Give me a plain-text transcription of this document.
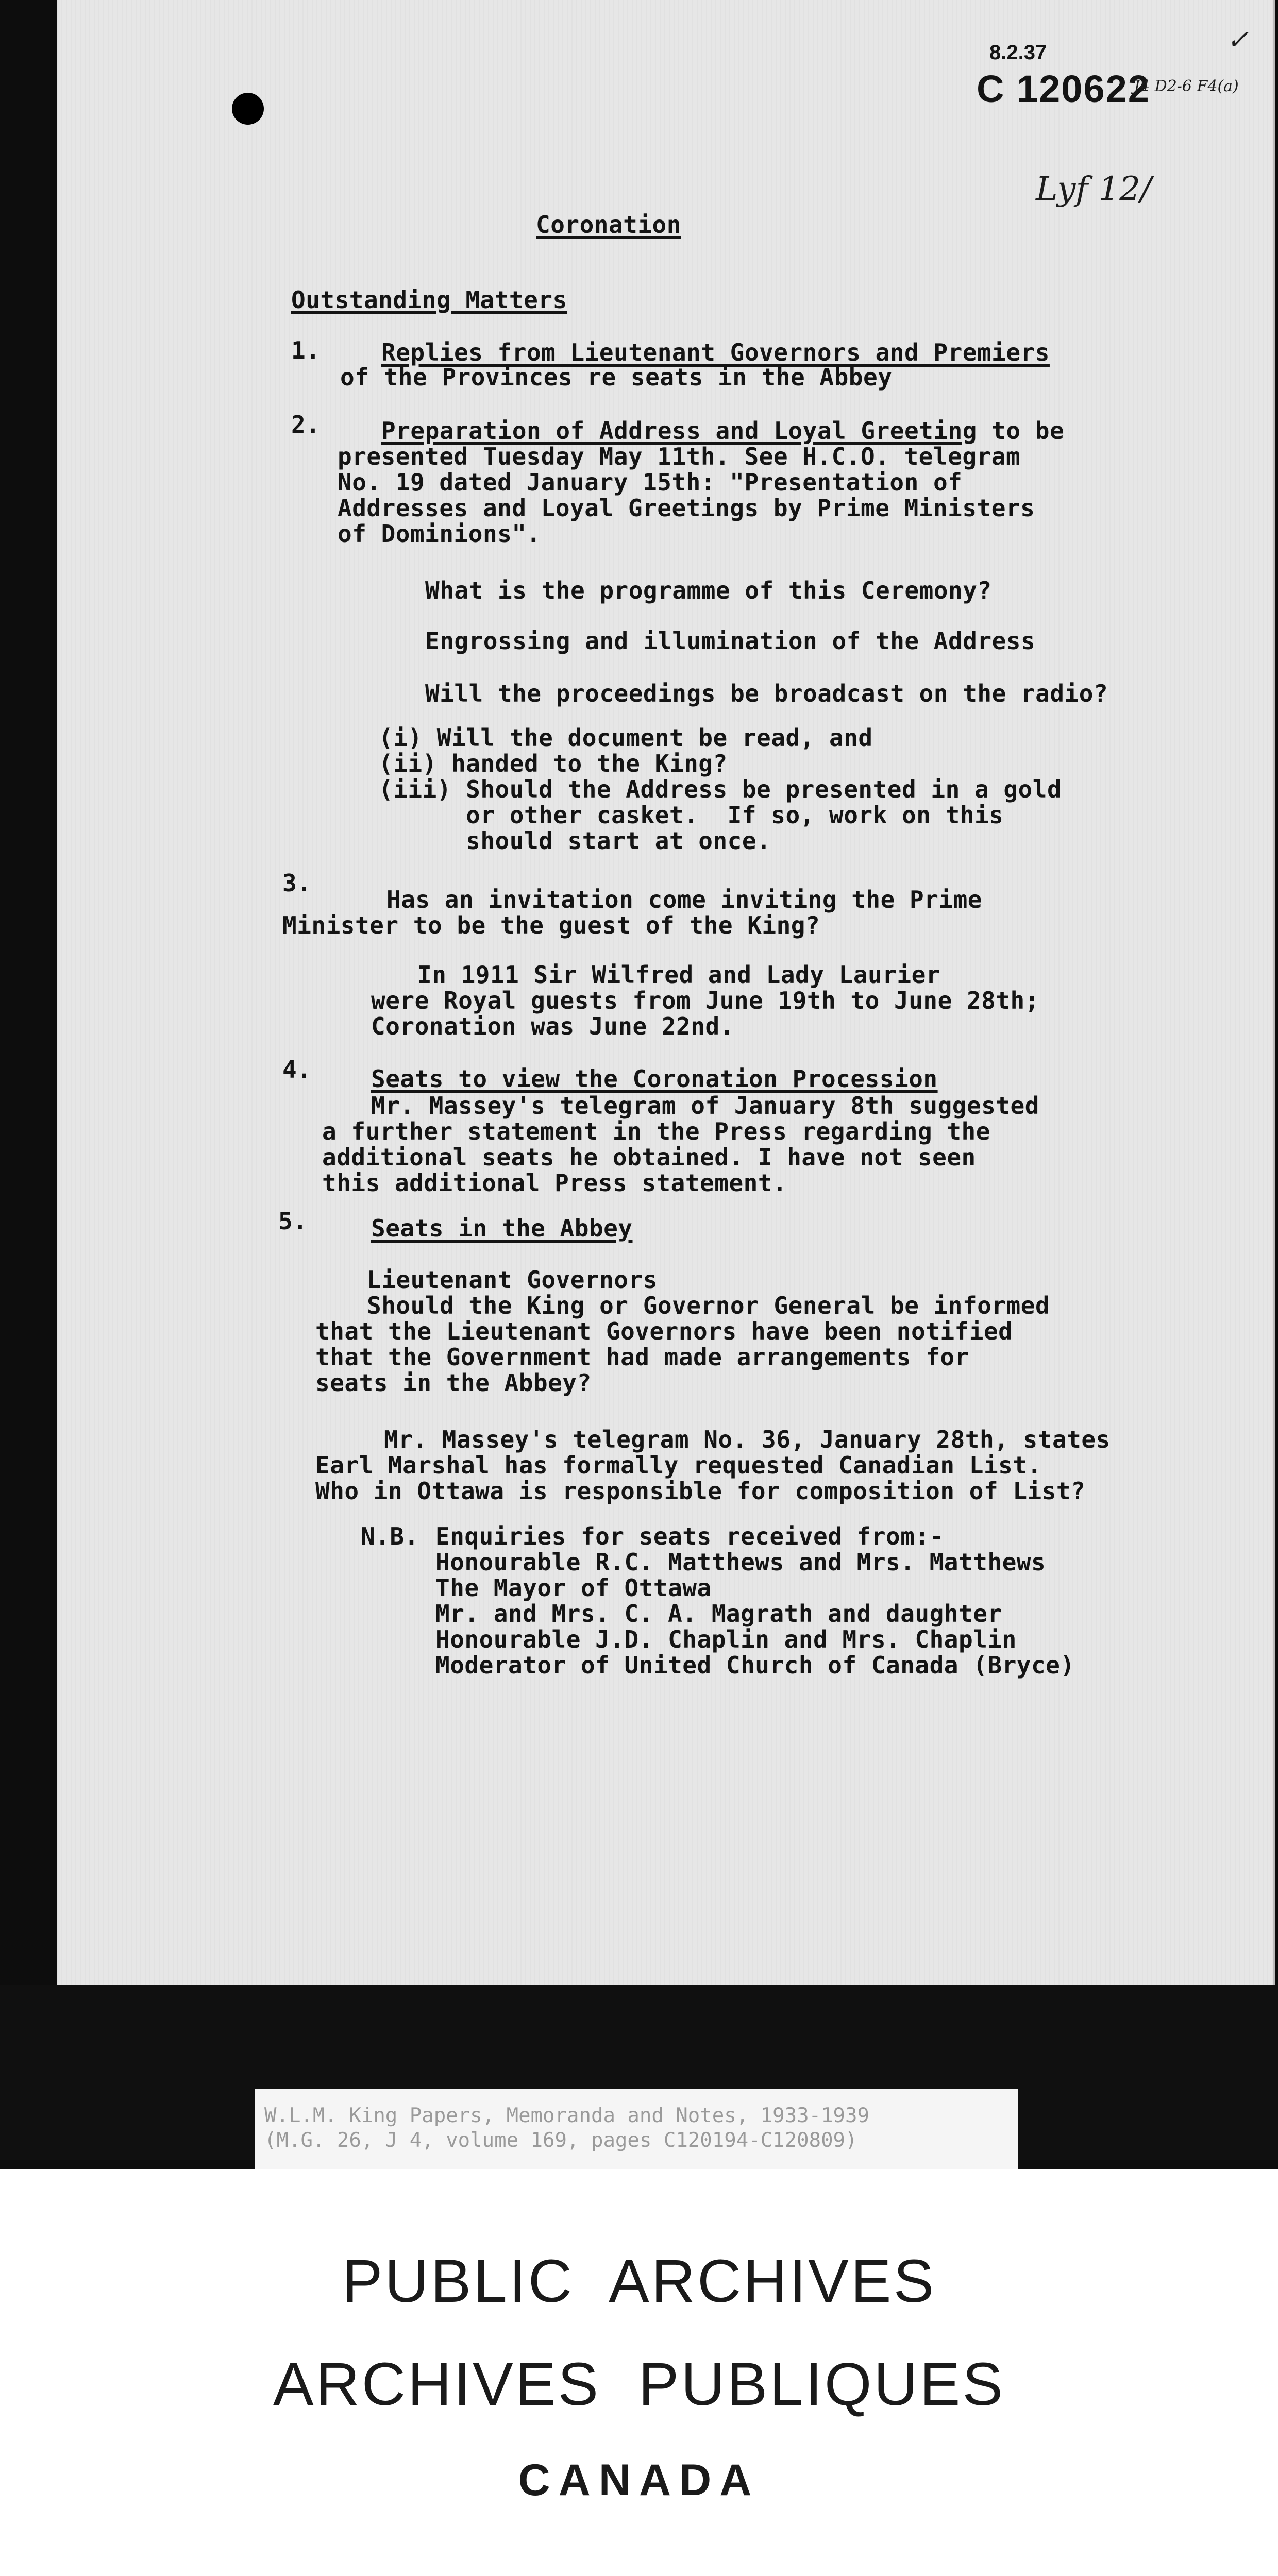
8.2.37
C 120622
✓
J4 D2-6 F4(a)
Lyf 12/
Coronation
Outstanding Matters
1.	Replies from Lieutenant Governors and Premiers
of the Provinces re seats in the Abbey
2.	Preparation of Address and Loyal Greeting to be
presented Tuesday May 11th. See H.C.O. telegram
No. 19 dated January 15th: "Presentation of
Addresses and Loyal Greetings by Prime Ministers
of Dominions".
What is the programme of this Ceremony?
Engrossing and illumination of the Address
Will the proceedings be broadcast on the radio?
(i) Will the document be read, and
(ii) handed to the King?
(iii) Should the Address be presented in a gold
or other casket.  If so, work on this
should start at once.
3.
Has an invitation come inviting the Prime
Minister to be the guest of the King?
In 1911 Sir Wilfred and Lady Laurier
were Royal guests from June 19th to June 28th;
Coronation was June 22nd.
4.	Seats to view the Coronation Procession
Mr. Massey's telegram of January 8th suggested
a further statement in the Press regarding the
additional seats he obtained. I have not seen
this additional Press statement.
5.	Seats in the Abbey
Lieutenant Governors
Should the King or Governor General be informed
that the Lieutenant Governors have been notified
that the Government had made arrangements for
seats in the Abbey?
Mr. Massey's telegram No. 36, January 28th, states
Earl Marshal has formally requested Canadian List.
Who in Ottawa is responsible for composition of List?
N.B. Enquiries for seats received from:-
Honourable R.C. Matthews and Mrs. Matthews
The Mayor of Ottawa
Mr. and Mrs. C. A. Magrath and daughter
Honourable J.D. Chaplin and Mrs. Chaplin
Moderator of United Church of Canada (Bryce)
W.L.M. King Papers, Memoranda and Notes, 1933-1939
(M.G. 26, J 4, volume 169, pages C120194-C120809)
PUBLIC  ARCHIVES
ARCHIVES  PUBLIQUES
CANADA
